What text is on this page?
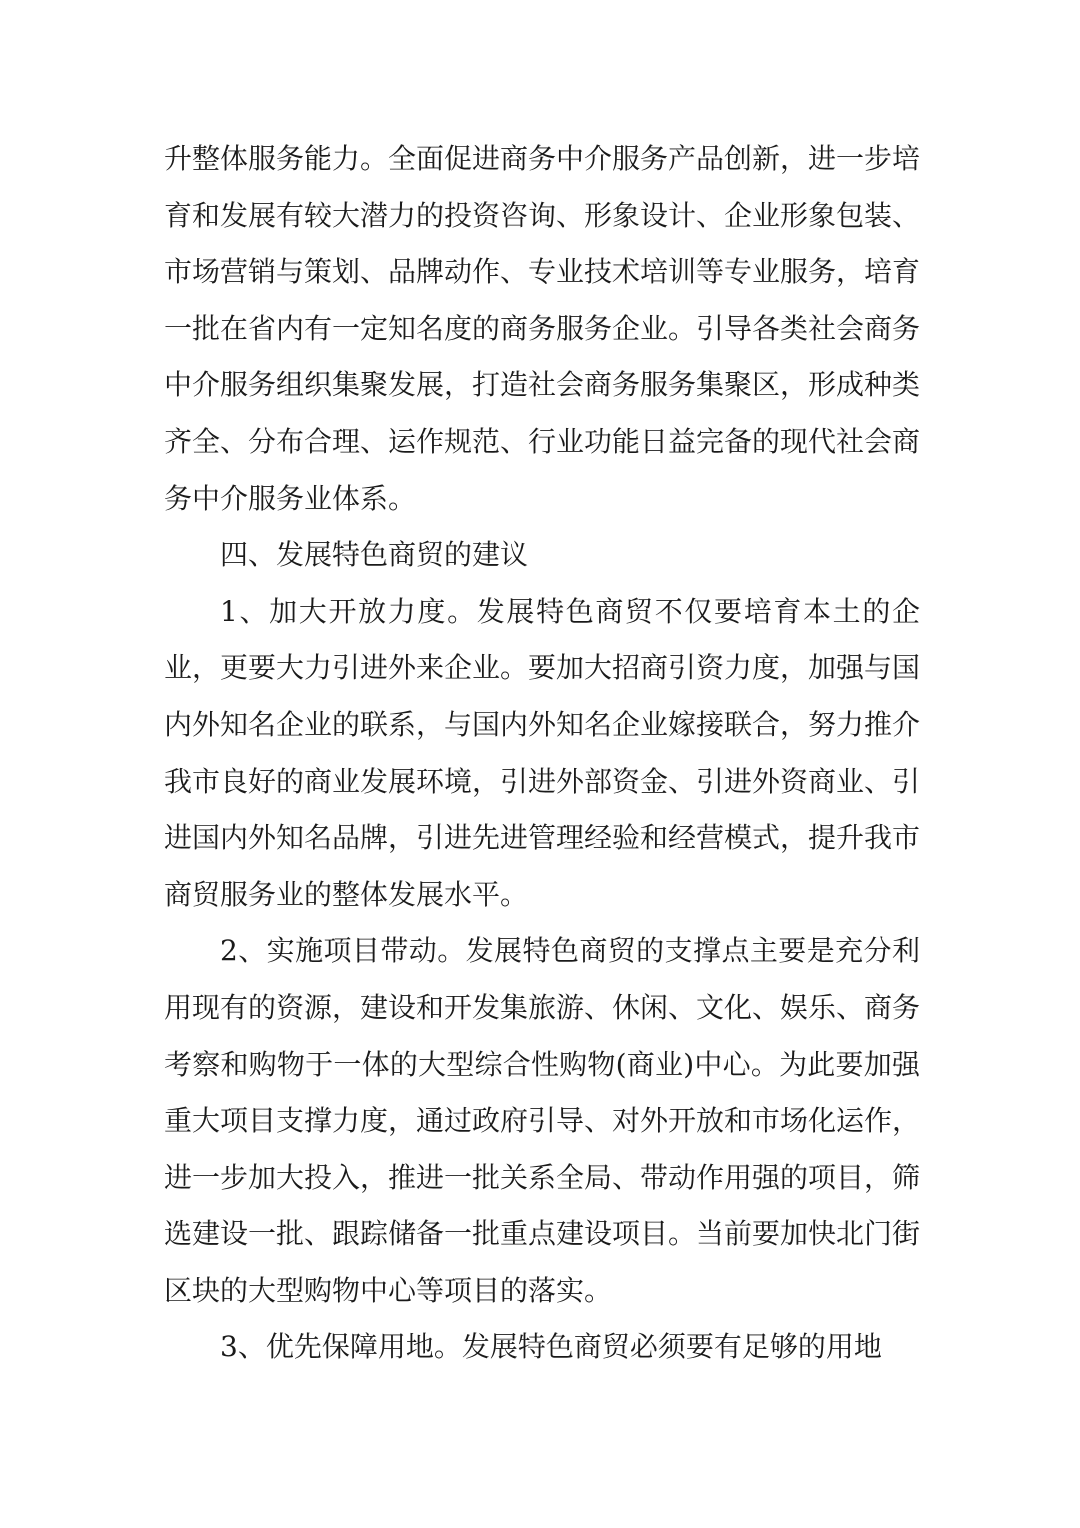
升整体服务能力。全面促进商务中介服务产品创新，进一步培育和发展有较大潜力的投资咨询、形象设计、企业形象包装、市场营销与策划、品牌动作、专业技术培训等专业服务，培育一批在省内有一定知名度的商务服务企业。引导各类社会商务中介服务组织集聚发展，打造社会商务服务集聚区，形成种类齐全、分布合理、运作规范、行业功能日益完备的现代社会商务中介服务业体系。

四、发展特色商贸的建议

1、加大开放力度。发展特色商贸不仅要培育本土的企业，更要大力引进外来企业。要加大招商引资力度，加强与国内外知名企业的联系，与国内外知名企业嫁接联合，努力推介我市良好的商业发展环境，引进外部资金、引进外资商业、引进国内外知名品牌，引进先进管理经验和经营模式，提升我市商贸服务业的整体发展水平。

2、实施项目带动。发展特色商贸的支撑点主要是充分利用现有的资源，建设和开发集旅游、休闲、文化、娱乐、商务考察和购物于一体的大型综合性购物(商业)中心。为此要加强重大项目支撑力度，通过政府引导、对外开放和市场化运作，进一步加大投入，推进一批关系全局、带动作用强的项目，筛选建设一批、跟踪储备一批重点建设项目。当前要加快北门街区块的大型购物中心等项目的落实。

3、优先保障用地。发展特色商贸必须要有足够的用地
